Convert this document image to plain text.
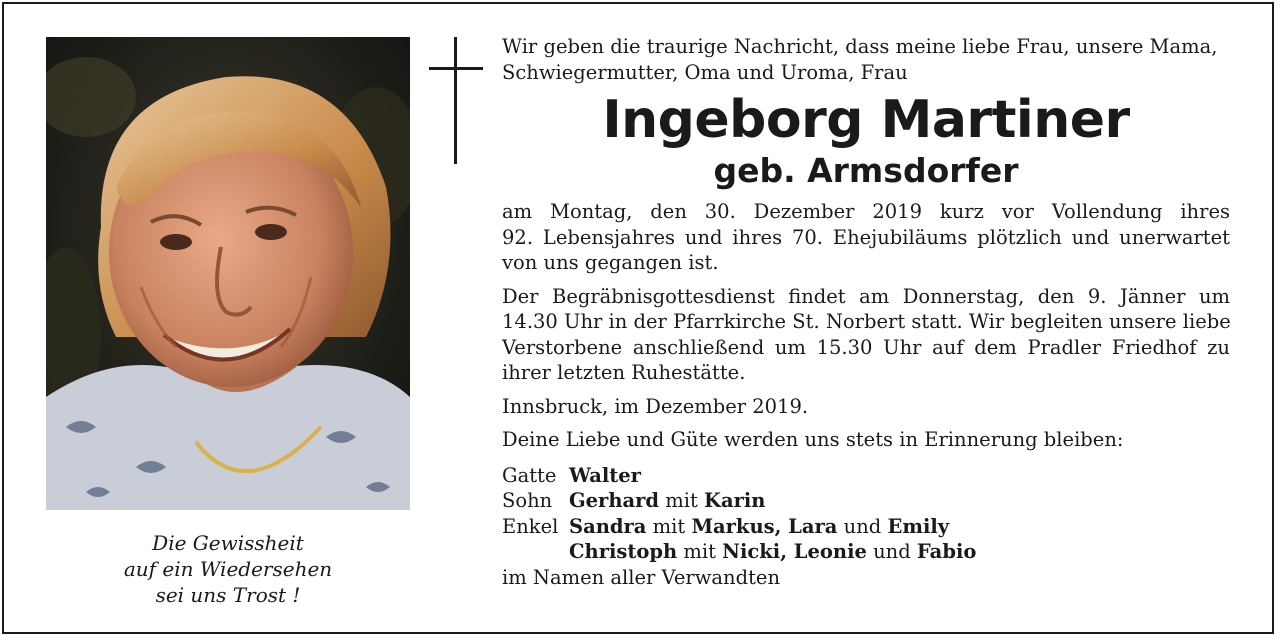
Die Gewissheit
auf ein Wiedersehen
sei uns Trost !
Wir geben die traurige Nachricht, dass meine liebe Frau, unsere Mama,
Schwiegermutter, Oma und Uroma, Frau
Ingeborg Martiner
geb. Armsdorfer
am Montag, den 30. Dezember 2019 kurz vor Vollendung ihres
92. Lebensjahres und ihres 70. Ehejubiläums plötzlich und unerwartet
von uns gegangen ist.
Der Begräbnisgottesdienst findet am Donnerstag, den 9. Jänner um
14.30 Uhr in der Pfarrkirche St. Norbert statt. Wir begleiten unsere liebe
Verstorbene anschließend um 15.30 Uhr auf dem Pradler Friedhof zu
ihrer letzten Ruhestätte.
Innsbruck, im Dezember 2019.
Deine Liebe und Güte werden uns stets in Erinnerung bleiben:
Gatte Walter
Sohn Gerhard
mit
Karin
Enkel Sandra
mit
Markus, Lara
und
Emily
Christoph
mit
Nicki, Leonie
und
Fabio
im Namen aller Verwandten
